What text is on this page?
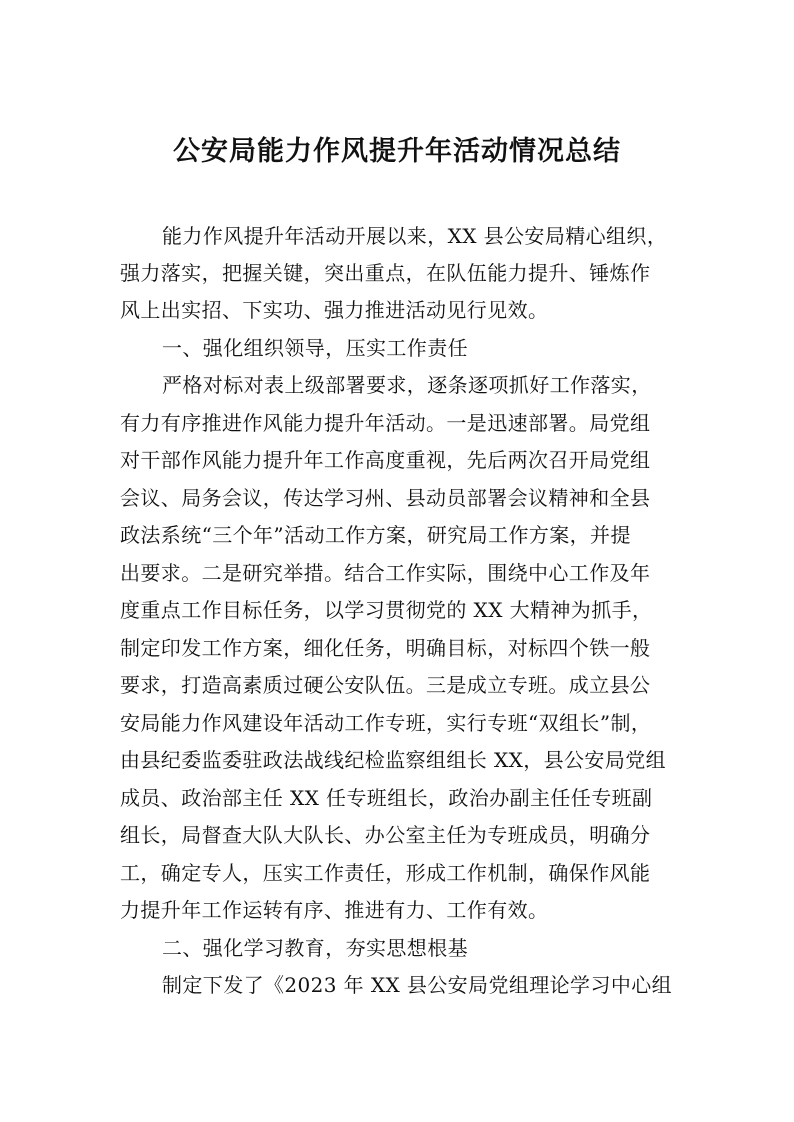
公安局能力作风提升年活动情况总结
能力作风提升年活动开展以来，XX 县公安局精心组织，
强力落实，把握关键，突出重点，在队伍能力提升、锤炼作
风上出实招、下实功、强力推进活动见行见效。
一、强化组织领导，压实工作责任
严格对标对表上级部署要求，逐条逐项抓好工作落实，
有力有序推进作风能力提升年活动。一是迅速部署。局党组
对干部作风能力提升年工作高度重视，先后两次召开局党组
会议、局务会议，传达学习州、县动员部署会议精神和全县
政法系统“三个年”活动工作方案，研究局工作方案，并提
出要求。二是研究举措。结合工作实际，围绕中心工作及年
度重点工作目标任务，以学习贯彻党的 XX 大精神为抓手，
制定印发工作方案，细化任务，明确目标，对标四个铁一般
要求，打造高素质过硬公安队伍。三是成立专班。成立县公
安局能力作风建设年活动工作专班，实行专班“双组长”制，
由县纪委监委驻政法战线纪检监察组组长 XX，县公安局党组
成员、政治部主任 XX 任专班组长，政治办副主任任专班副
组长，局督查大队大队长、办公室主任为专班成员，明确分
工，确定专人，压实工作责任，形成工作机制，确保作风能
力提升年工作运转有序、推进有力、工作有效。
二、强化学习教育，夯实思想根基
制定下发了《2023 年 XX 县公安局党组理论学习中心组
